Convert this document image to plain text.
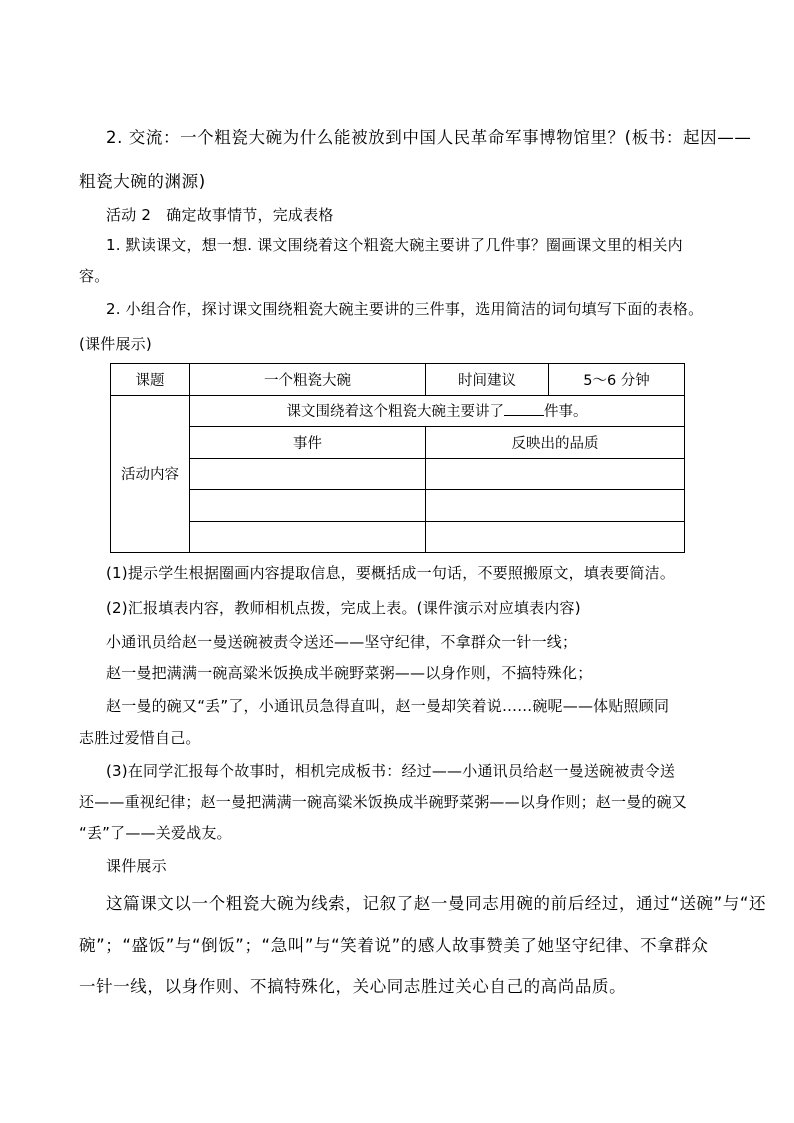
2. 交流：一个粗瓷大碗为什么能被放到中国人民革命军事博物馆里？(板书：起因——
粗瓷大碗的渊源)
活动 2　确定故事情节，完成表格
1. 默读课文，想一想. 课文围绕着这个粗瓷大碗主要讲了几件事？圈画课文里的相关内
容。
2. 小组合作，探讨课文围绕粗瓷大碗主要讲的三件事，选用简洁的词句填写下面的表格。
(课件展示)
课题	一个粗瓷大碗	时间建议	5～6 分钟
活动内容	课文围绕着这个粗瓷大碗主要讲了 件事。		
	事件	反映出的品质	

(1)提示学生根据圈画内容提取信息，要概括成一句话，不要照搬原文，填表要简洁。
(2)汇报填表内容，教师相机点拨，完成上表。(课件演示对应填表内容)
小通讯员给赵一曼送碗被责令送还——坚守纪律，不拿群众一针一线；
赵一曼把满满一碗高粱米饭换成半碗野菜粥——以身作则，不搞特殊化；
赵一曼的碗又“丢”了，小通讯员急得直叫，赵一曼却笑着说……碗呢——体贴照顾同
志胜过爱惜自己。
(3)在同学汇报每个故事时，相机完成板书：经过——小通讯员给赵一曼送碗被责令送
还——重视纪律；赵一曼把满满一碗高粱米饭换成半碗野菜粥——以身作则；赵一曼的碗又
“丢”了——关爱战友。
课件展示
这篇课文以一个粗瓷大碗为线索，记叙了赵一曼同志用碗的前后经过，通过“送碗”与“还
碗”；“盛饭”与“倒饭”；“急叫”与“笑着说”的感人故事赞美了她坚守纪律、不拿群众
一针一线，以身作则、不搞特殊化，关心同志胜过关心自己的高尚品质。
